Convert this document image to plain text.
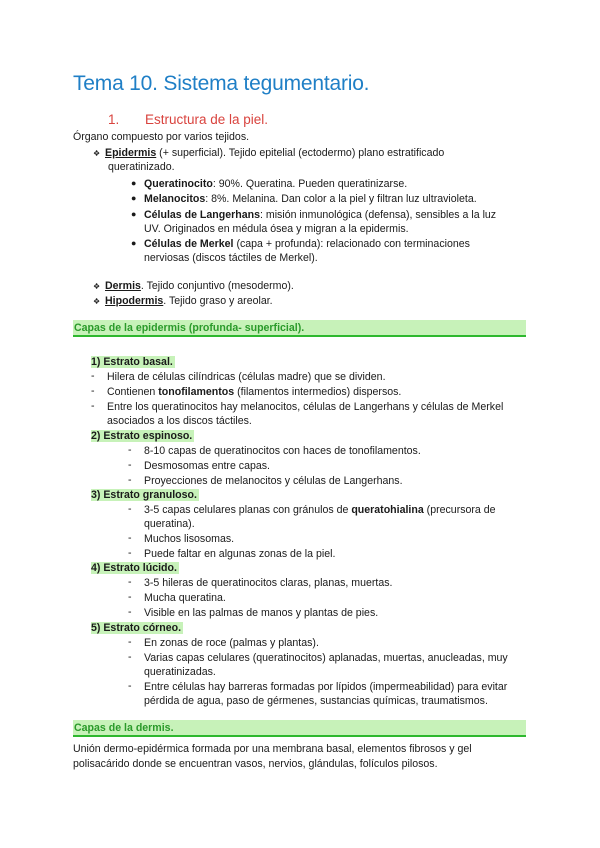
Tema 10. Sistema tegumentario.
1. Estructura de la piel.
Órgano compuesto por varios tejidos.
❖ Epidermis (+ superficial). Tejido epitelial (ectodermo) plano estratificado
queratinizado.
● Queratinocito: 90%. Queratina. Pueden queratinizarse.
● Melanocitos: 8%. Melanina. Dan color a la piel y filtran luz ultravioleta.
● Células de Langerhans: misión inmunológica (defensa), sensibles a la luz
UV. Originados en médula ósea y migran a la epidermis.
● Células de Merkel (capa + profunda): relacionado con terminaciones
nerviosas (discos táctiles de Merkel).
❖ Dermis. Tejido conjuntivo (mesodermo).
❖ Hipodermis. Tejido graso y areolar.
Capas de la epidermis (profunda- superficial).
1) Estrato basal.
- Hilera de células cilíndricas (células madre) que se dividen.
- Contienen tonofilamentos (filamentos intermedios) dispersos.
- Entre los queratinocitos hay melanocitos, células de Langerhans y células de Merkel
asociados a los discos táctiles.
2) Estrato espinoso.
- 8-10 capas de queratinocitos con haces de tonofilamentos.
- Desmosomas entre capas.
- Proyecciones de melanocitos y células de Langerhans.
3) Estrato granuloso.
- 3-5 capas celulares planas con gránulos de queratohialina (precursora de
queratina).
- Muchos lisosomas.
- Puede faltar en algunas zonas de la piel.
4) Estrato lúcido.
- 3-5 hileras de queratinocitos claras, planas, muertas.
- Mucha queratina.
- Visible en las palmas de manos y plantas de pies.
5) Estrato córneo.
- En zonas de roce (palmas y plantas).
- Varias capas celulares (queratinocitos) aplanadas, muertas, anucleadas, muy
queratinizadas.
- Entre células hay barreras formadas por lípidos (impermeabilidad) para evitar
pérdida de agua, paso de gérmenes, sustancias químicas, traumatismos.
Capas de la dermis.
Unión dermo-epidérmica formada por una membrana basal, elementos fibrosos y gel
polisacárido donde se encuentran vasos, nervios, glándulas, folículos pilosos.
